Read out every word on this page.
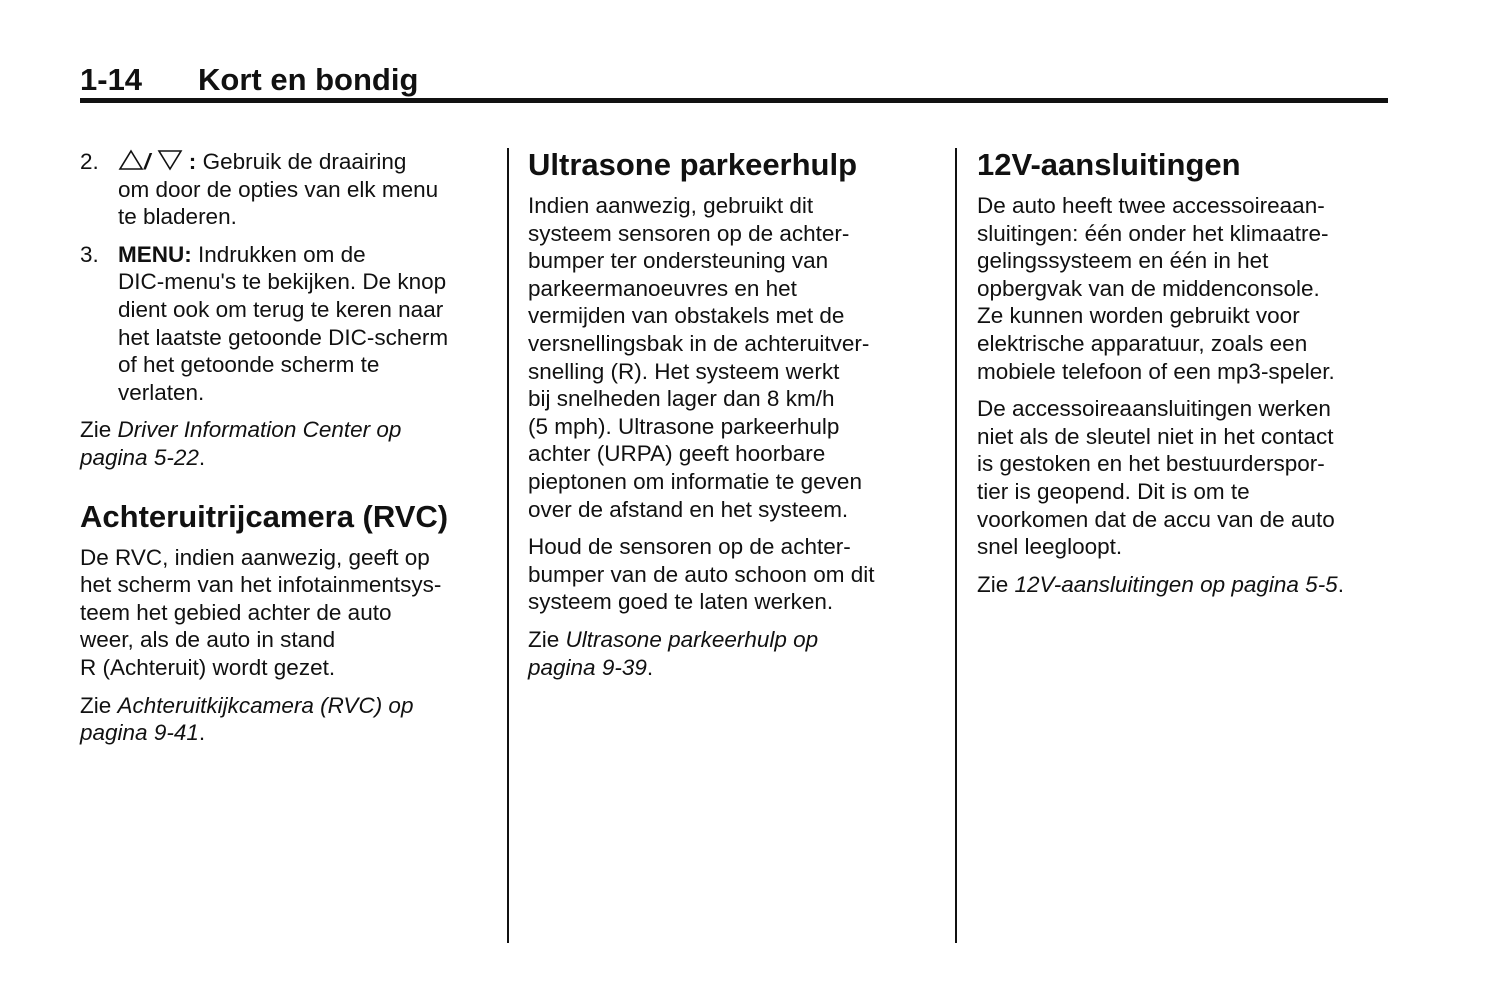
1-14 Kort en bondig
2. / : Gebruik de draairing
om door de opties van elk menu
te bladeren.
3. MENU: Indrukken om de
DIC-menu's te bekijken. De knop
dient ook om terug te keren naar
het laatste getoonde DIC-scherm
of het getoonde scherm te
verlaten.

Zie Driver Information Center op
pagina 5-22.

Achteruitrijcamera (RVC)

De RVC, indien aanwezig, geeft op
het scherm van het infotainmentsys-
teem het gebied achter de auto
weer, als de auto in stand
R (Achteruit) wordt gezet.

Zie Achteruitkijkcamera (RVC) op
pagina 9-41.

Ultrasone parkeerhulp

Indien aanwezig, gebruikt dit
systeem sensoren op de achter-
bumper ter ondersteuning van
parkeermanoeuvres en het
vermijden van obstakels met de
versnellingsbak in de achteruitver-
snelling (R). Het systeem werkt
bij snelheden lager dan 8 km/h
(5 mph). Ultrasone parkeerhulp
achter (URPA) geeft hoorbare
pieptonen om informatie te geven
over de afstand en het systeem.

Houd de sensoren op de achter-
bumper van de auto schoon om dit
systeem goed te laten werken.

Zie Ultrasone parkeerhulp op
pagina 9-39.

12V-aansluitingen

De auto heeft twee accessoireaan-
sluitingen: één onder het klimaatre-
gelingssysteem en één in het
opbergvak van de middenconsole.
Ze kunnen worden gebruikt voor
elektrische apparatuur, zoals een
mobiele telefoon of een mp3-speler.

De accessoireaansluitingen werken
niet als de sleutel niet in het contact
is gestoken en het bestuurderspor-
tier is geopend. Dit is om te
voorkomen dat de accu van de auto
snel leegloopt.

Zie 12V-aansluitingen op pagina 5-5.
